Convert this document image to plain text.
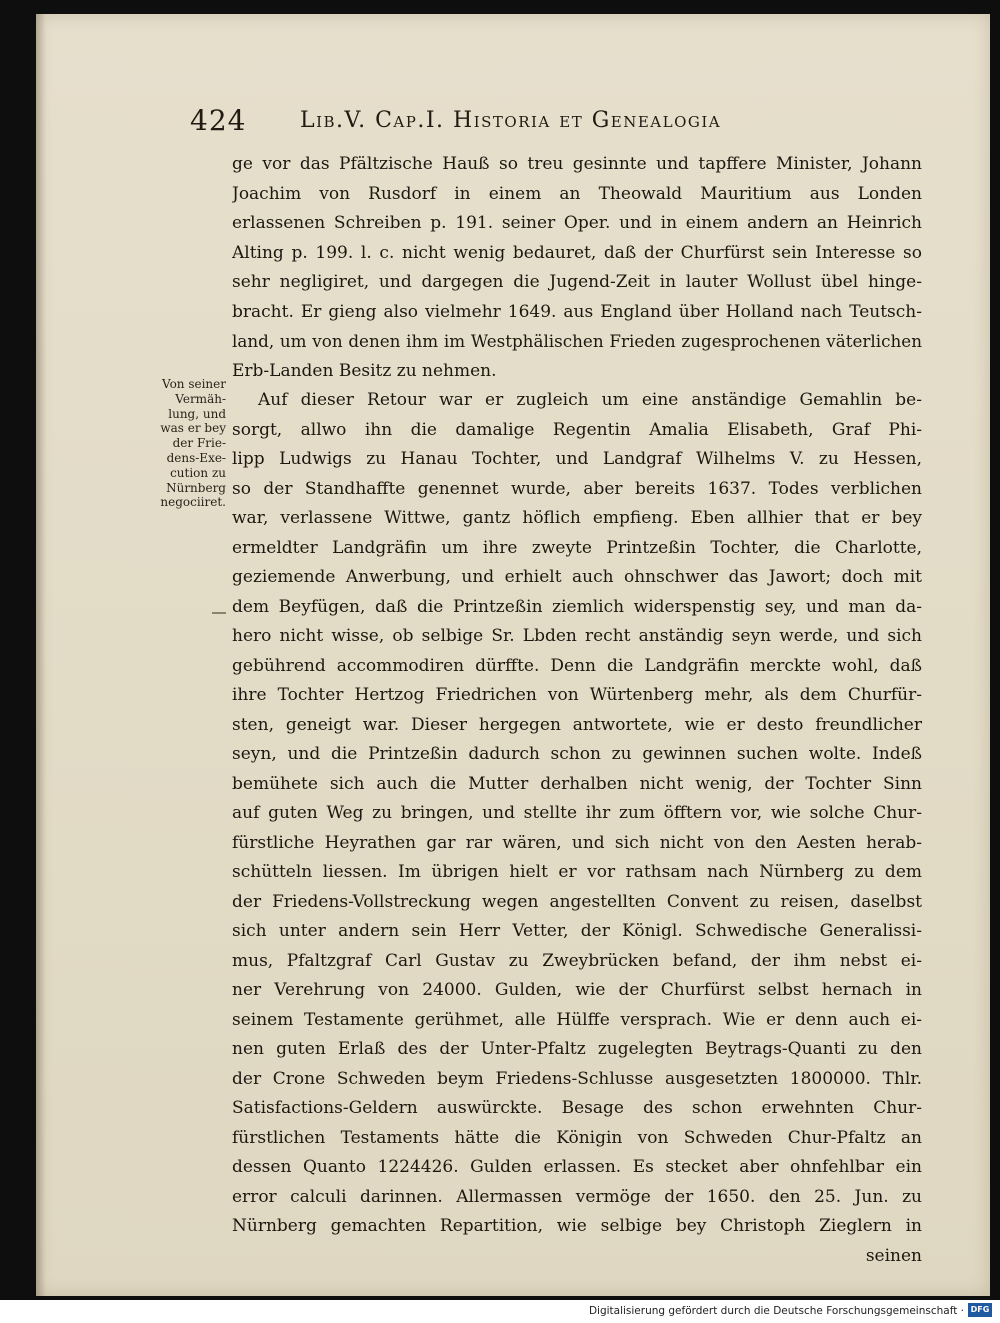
424 Lib.V. Cap.I. Historia et Genealogia
Von seiner
Vermäh-
lung, und
was er bey
der Frie-
dens-Exe-
cution zu
Nürnberg
negociiret.
ge vor das Pfältzische Hauß so treu gesinnte und tapffere Minister, Johann
Joachim von Rusdorf in einem an Theowald Mauritium aus Londen
erlassenen Schreiben p. 191. seiner Oper. und in einem andern an Heinrich
Alting p. 199. l. c. nicht wenig bedauret, daß der Churfürst sein Interesse so
sehr negligiret, und dargegen die Jugend-Zeit in lauter Wollust übel hinge-
bracht. Er gieng also vielmehr 1649. aus England über Holland nach Teutsch-
land, um von denen ihm im Westphälischen Frieden zugesprochenen väterlichen
Erb-Landen Besitz zu nehmen.
Auf dieser Retour war er zugleich um eine anständige Gemahlin be-
sorgt, allwo ihn die damalige Regentin Amalia Elisabeth, Graf Phi-
lipp Ludwigs zu Hanau Tochter, und Landgraf Wilhelms V. zu Hessen,
so der Standhaffte genennet wurde, aber bereits 1637. Todes verblichen
war, verlassene Wittwe, gantz höflich empfieng. Eben allhier that er bey
ermeldter Landgräfin um ihre zweyte Printzeßin Tochter, die Charlotte,
geziemende Anwerbung, und erhielt auch ohnschwer das Jawort; doch mit
dem Beyfügen, daß die Printzeßin ziemlich widerspenstig sey, und man da-
hero nicht wisse, ob selbige Sr. Lbden recht anständig seyn werde, und sich
gebührend accommodiren dürffte. Denn die Landgräfin merckte wohl, daß
ihre Tochter Hertzog Friedrichen von Würtenberg mehr, als dem Churfür-
sten, geneigt war. Dieser hergegen antwortete, wie er desto freundlicher
seyn, und die Printzeßin dadurch schon zu gewinnen suchen wolte. Indeß
bemühete sich auch die Mutter derhalben nicht wenig, der Tochter Sinn
auf guten Weg zu bringen, und stellte ihr zum öfftern vor, wie solche Chur-
fürstliche Heyrathen gar rar wären, und sich nicht von den Aesten herab-
schütteln liessen. Im übrigen hielt er vor rathsam nach Nürnberg zu dem
der Friedens-Vollstreckung wegen angestellten Convent zu reisen, daselbst
sich unter andern sein Herr Vetter, der Königl. Schwedische Generalissi-
mus, Pfaltzgraf Carl Gustav zu Zweybrücken befand, der ihm nebst ei-
ner Verehrung von 24000. Gulden, wie der Churfürst selbst hernach in
seinem Testamente gerühmet, alle Hülffe versprach. Wie er denn auch ei-
nen guten Erlaß des der Unter-Pfaltz zugelegten Beytrags-Quanti zu den
der Crone Schweden beym Friedens-Schlusse ausgesetzten 1800000. Thlr.
Satisfactions-Geldern auswürckte. Besage des schon erwehnten Chur-
fürstlichen Testaments hätte die Königin von Schweden Chur-Pfaltz an
dessen Quanto 1224426. Gulden erlassen. Es stecket aber ohnfehlbar ein
error calculi darinnen. Allermassen vermöge der 1650. den 25. Jun. zu
Nürnberg gemachten Repartition, wie selbige bey Christoph Zieglern in
seinen
Digitalisierung gefördert durch die Deutsche Forschungsgemeinschaft · DFG
